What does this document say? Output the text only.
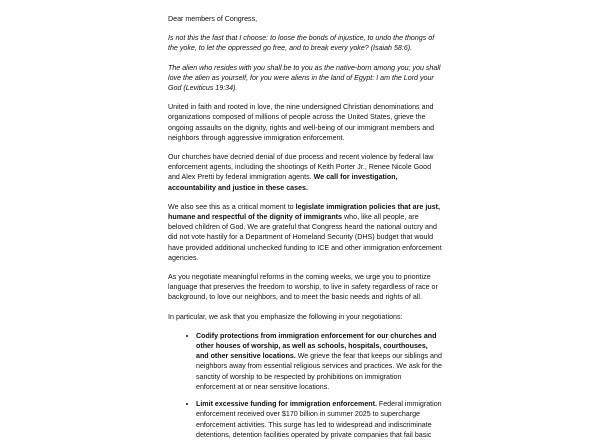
Dear members of Congress,

Is not this the fast that I choose: to loose the bonds of injustice, to undo the thongs of the yoke, to let the oppressed go free, and to break every yoke? (Isaiah 58:6).

The alien who resides with you shall be to you as the native-born among you; you shall love the alien as yourself, for you were aliens in the land of Egypt: I am the Lord your God (Leviticus 19:34).

United in faith and rooted in love, the nine undersigned Christian denominations and organizations composed of millions of people across the United States, grieve the ongoing assaults on the dignity, rights and well-being of our immigrant members and neighbors through aggressive immigration enforcement.

Our churches have decried denial of due process and recent violence by federal law enforcement agents, including the shootings of Keith Porter Jr., Renee Nicole Good and Alex Pretti by federal immigration agents. We call for investigation, accountability and justice in these cases.

We also see this as a critical moment to legislate immigration policies that are just, humane and respectful of the dignity of immigrants who, like all people, are beloved children of God. We are grateful that Congress heard the national outcry and did not vote hastily for a Department of Homeland Security (DHS) budget that would have provided additional unchecked funding to ICE and other immigration enforcement agencies.

As you negotiate meaningful reforms in the coming weeks, we urge you to prioritize language that preserves the freedom to worship, to live in safety regardless of race or background, to love our neighbors, and to meet the basic needs and rights of all.

In particular, we ask that you emphasize the following in your negotiations:

Codify protections from immigration enforcement for our churches and other houses of worship, as well as schools, hospitals, courthouses, and other sensitive locations. We grieve the fear that keeps our siblings and neighbors away from essential religious services and practices. We ask for the sanctity of worship to be respected by prohibitions on immigration enforcement at or near sensitive locations.
Limit excessive funding for immigration enforcement. Federal immigration enforcement received over $170 billion in summer 2025 to supercharge enforcement activities. This surge has led to widespread and indiscriminate detentions, detention facilities operated by private companies that fail basic
